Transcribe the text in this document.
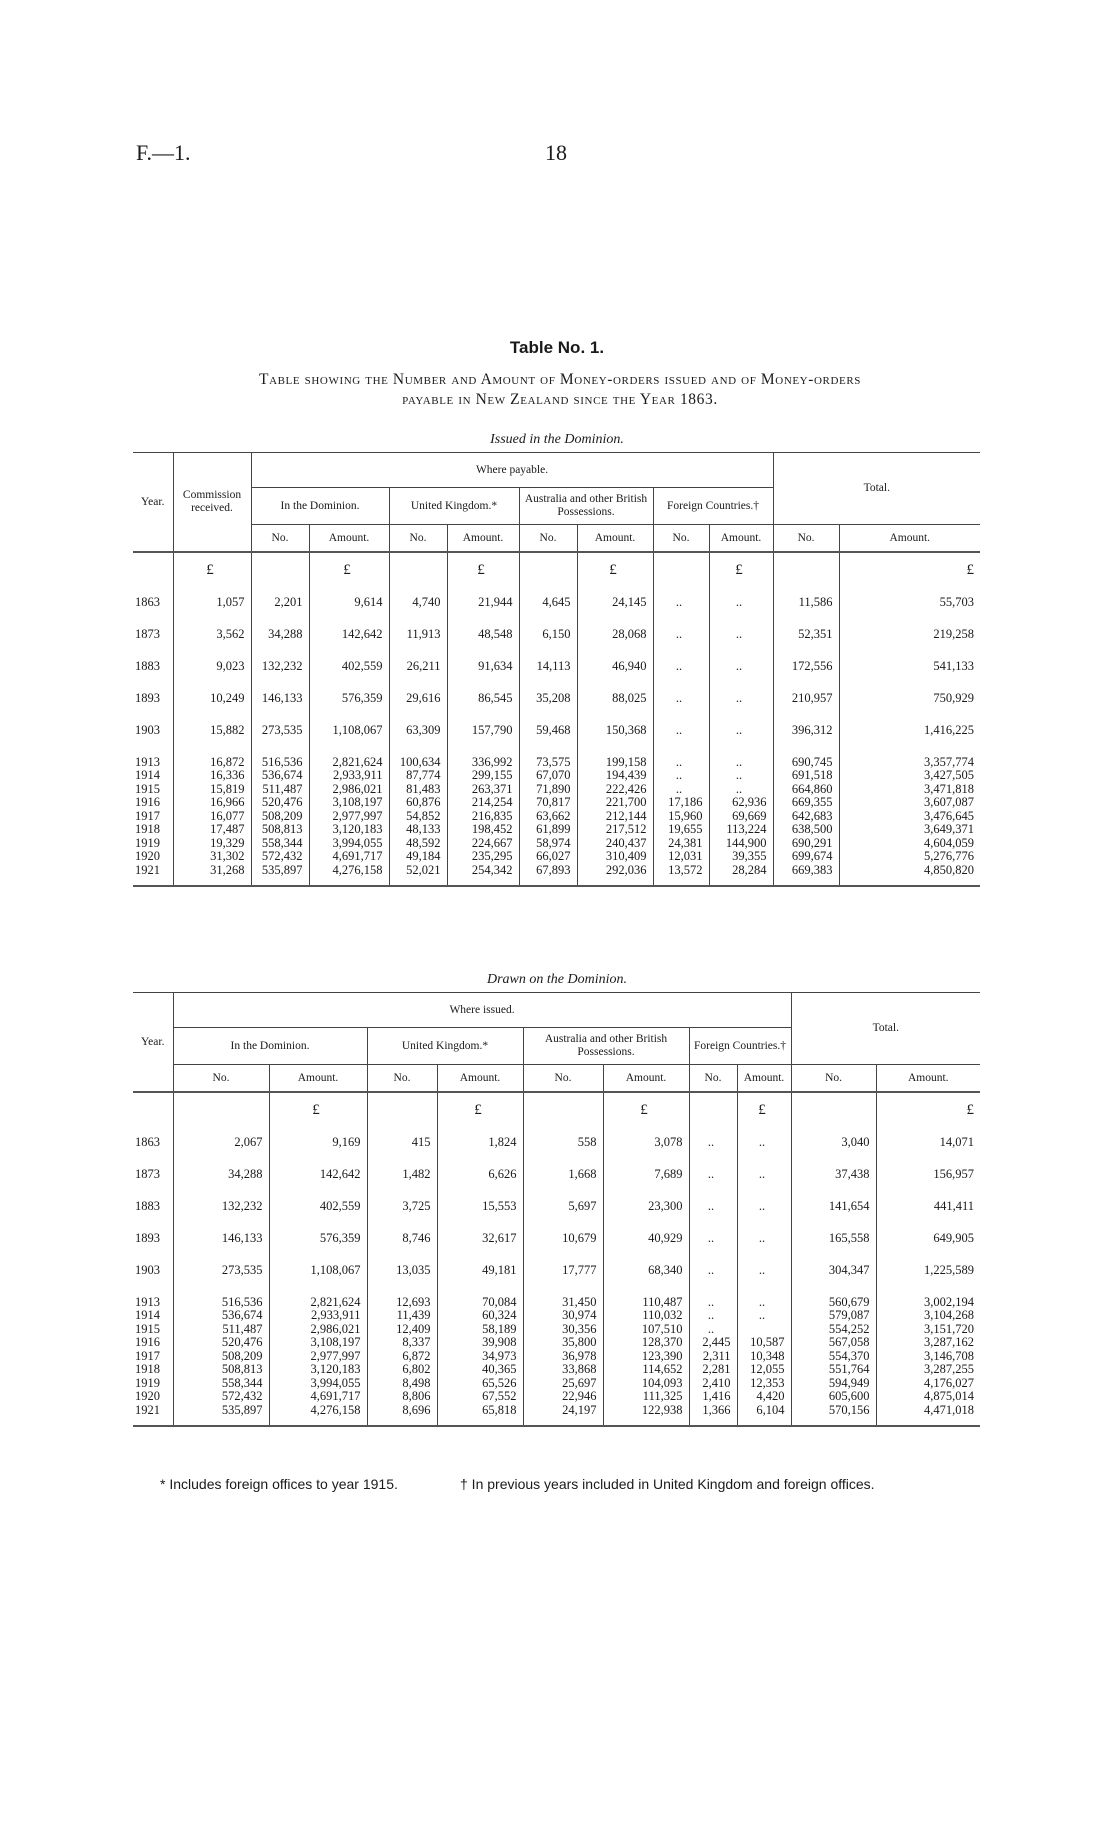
F.—1.	18
Table No. 1.
Table showing the Number and Amount of Money-orders issued and of Money-orders
payable in New Zealand since the Year 1863.
Issued in the Dominion.
Year.	Commission received.	Where payable.								Total.	
		In the Dominion.		United Kingdom.*		Australia and other British Possessions.		Foreign Countries.†			
		No.	Amount.	No.	Amount.	No.	Amount.	No.	Amount.	No.	Amount.
	£		£		£		£		£		£
1863	1,057	2,201	9,614	4,740	21,944	4,645	24,145	..	..	11,586	55,703
1873	3,562	34,288	142,642	11,913	48,548	6,150	28,068	..	..	52,351	219,258
1883	9,023	132,232	402,559	26,211	91,634	14,113	46,940	..	..	172,556	541,133
1893	10,249	146,133	576,359	29,616	86,545	35,208	88,025	..	..	210,957	750,929
1903	15,882	273,535	1,108,067	63,309	157,790	59,468	150,368	..	..	396,312	1,416,225
1913	16,872	516,536	2,821,624	100,634	336,992	73,575	199,158	..	..	690,745	3,357,774
1914	16,336	536,674	2,933,911	87,774	299,155	67,070	194,439	..	..	691,518	3,427,505
1915	15,819	511,487	2,986,021	81,483	263,371	71,890	222,426	..	..	664,860	3,471,818
1916	16,966	520,476	3,108,197	60,876	214,254	70,817	221,700	17,186	62,936	669,355	3,607,087
1917	16,077	508,209	2,977,997	54,852	216,835	63,662	212,144	15,960	69,669	642,683	3,476,645
1918	17,487	508,813	3,120,183	48,133	198,452	61,899	217,512	19,655	113,224	638,500	3,649,371
1919	19,329	558,344	3,994,055	48,592	224,667	58,974	240,437	24,381	144,900	690,291	4,604,059
1920	31,302	572,432	4,691,717	49,184	235,295	66,027	310,409	12,031	39,355	699,674	5,276,776
1921	31,268	535,897	4,276,158	52,021	254,342	67,893	292,036	13,572	28,284	669,383	4,850,820

Drawn on the Dominion.
Year.	Where issued.								Total.	
	In the Dominion.		United Kingdom.*		Australia and other British Possessions.		Foreign Countries.†			
	No.	Amount.	No.	Amount.	No.	Amount.	No.	Amount.	No.	Amount.
		£		£		£		£		£
1863	2,067	9,169	415	1,824	558	3,078	..	..	3,040	14,071
1873	34,288	142,642	1,482	6,626	1,668	7,689	..	..	37,438	156,957
1883	132,232	402,559	3,725	15,553	5,697	23,300	..	..	141,654	441,411
1893	146,133	576,359	8,746	32,617	10,679	40,929	..	..	165,558	649,905
1903	273,535	1,108,067	13,035	49,181	17,777	68,340	..	..	304,347	1,225,589
1913	516,536	2,821,624	12,693	70,084	31,450	110,487	..	..	560,679	3,002,194
1914	536,674	2,933,911	11,439	60,324	30,974	110,032	..	..	579,087	3,104,268
1915	511,487	2,986,021	12,409	58,189	30,356	107,510	..		554,252	3,151,720
1916	520,476	3,108,197	8,337	39,908	35,800	128,370	2,445	10,587	567,058	3,287,162
1917	508,209	2,977,997	6,872	34,973	36,978	123,390	2,311	10,348	554,370	3,146,708
1918	508,813	3,120,183	6,802	40,365	33,868	114,652	2,281	12,055	551,764	3,287,255
1919	558,344	3,994,055	8,498	65,526	25,697	104,093	2,410	12,353	594,949	4,176,027
1920	572,432	4,691,717	8,806	67,552	22,946	111,325	1,416	4,420	605,600	4,875,014
1921	535,897	4,276,158	8,696	65,818	24,197	122,938	1,366	6,104	570,156	4,471,018

* Includes foreign offices to year 1915.	† In previous years included in United Kingdom and foreign offices.
